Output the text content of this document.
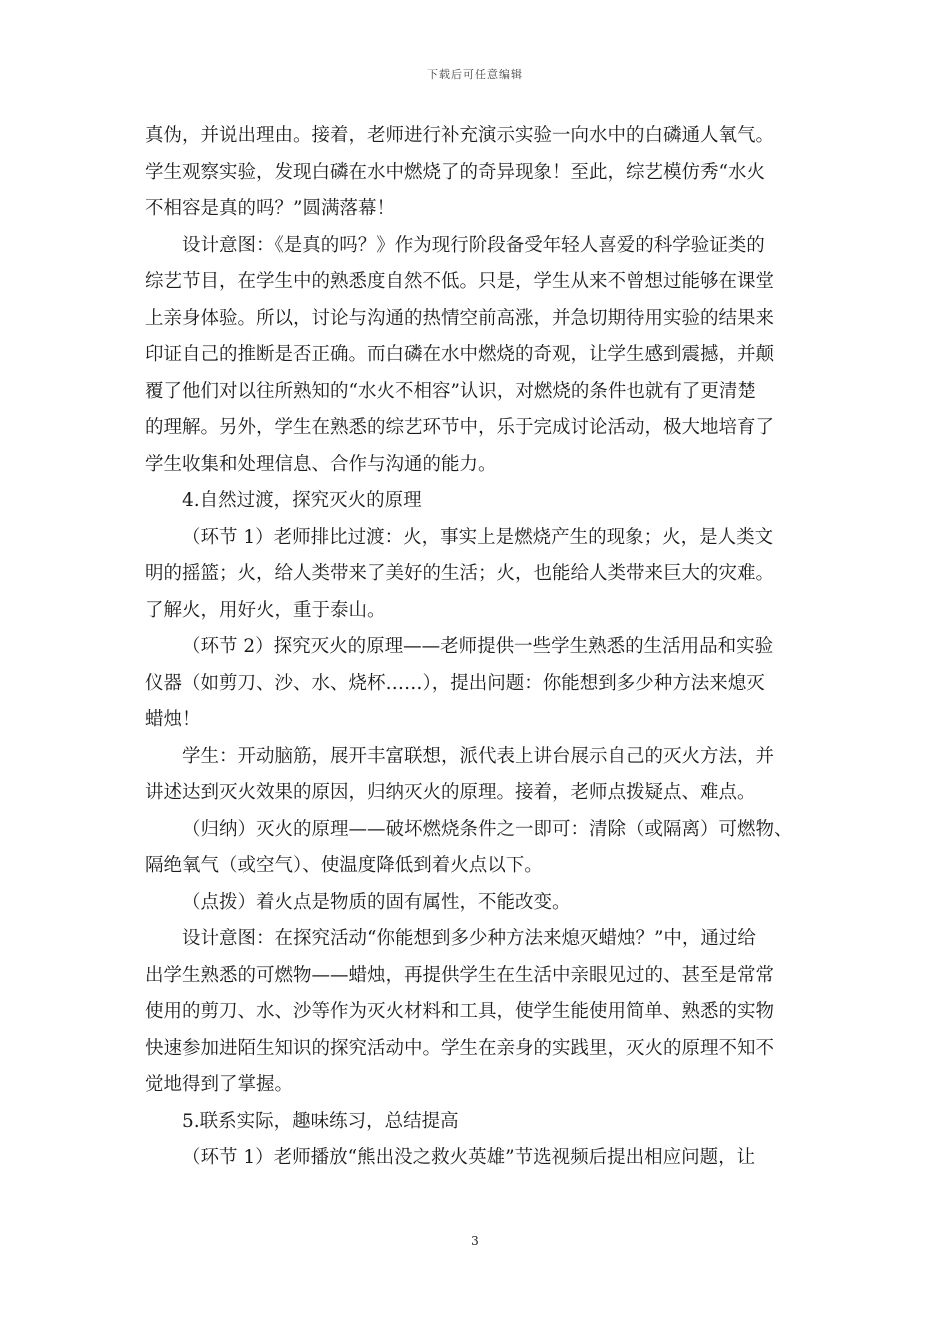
下载后可任意编辑

真伪，并说出理由。接着，老师进行补充演示实验一向水中的白磷通人氧气。

学生观察实验，发现白磷在水中燃烧了的奇异现象！至此，综艺模仿秀“水火

不相容是真的吗？”圆满落幕！

设计意图：《是真的吗？》作为现行阶段备受年轻人喜爱的科学验证类的

综艺节目，在学生中的熟悉度自然不低。只是，学生从来不曾想过能够在课堂

上亲身体验。所以，讨论与沟通的热情空前高涨，并急切期待用实验的结果来

印证自己的推断是否正确。而白磷在水中燃烧的奇观，让学生感到震撼，并颠

覆了他们对以往所熟知的“水火不相容”认识，对燃烧的条件也就有了更清楚

的理解。另外，学生在熟悉的综艺环节中，乐于完成讨论活动，极大地培育了

学生收集和处理信息、合作与沟通的能力。

4.自然过渡，探究灭火的原理

（环节 1）老师排比过渡：火，事实上是燃烧产生的现象；火，是人类文

明的摇篮；火，给人类带来了美好的生活；火，也能给人类带来巨大的灾难。

了解火，用好火，重于泰山。

（环节 2）探究灭火的原理——老师提供一些学生熟悉的生活用品和实验

仪器（如剪刀、沙、水、烧杯……），提出问题：你能想到多少种方法来熄灭

蜡烛！

学生：开动脑筋，展开丰富联想，派代表上讲台展示自己的灭火方法，并

讲述达到灭火效果的原因，归纳灭火的原理。接着，老师点拨疑点、难点。

（归纳）灭火的原理——破坏燃烧条件之一即可：清除（或隔离）可燃物、

隔绝氧气（或空气）、使温度降低到着火点以下。

（点拨）着火点是物质的固有属性，不能改变。

设计意图：在探究活动“你能想到多少种方法来熄灭蜡烛？”中，通过给

出学生熟悉的可燃物——蜡烛，再提供学生在生活中亲眼见过的、甚至是常常

使用的剪刀、水、沙等作为灭火材料和工具，使学生能使用简单、熟悉的实物

快速参加进陌生知识的探究活动中。学生在亲身的实践里，灭火的原理不知不

觉地得到了掌握。

5.联系实际，趣味练习，总结提高

（环节 1）老师播放“熊出没之救火英雄”节选视频后提出相应问题，让

3
